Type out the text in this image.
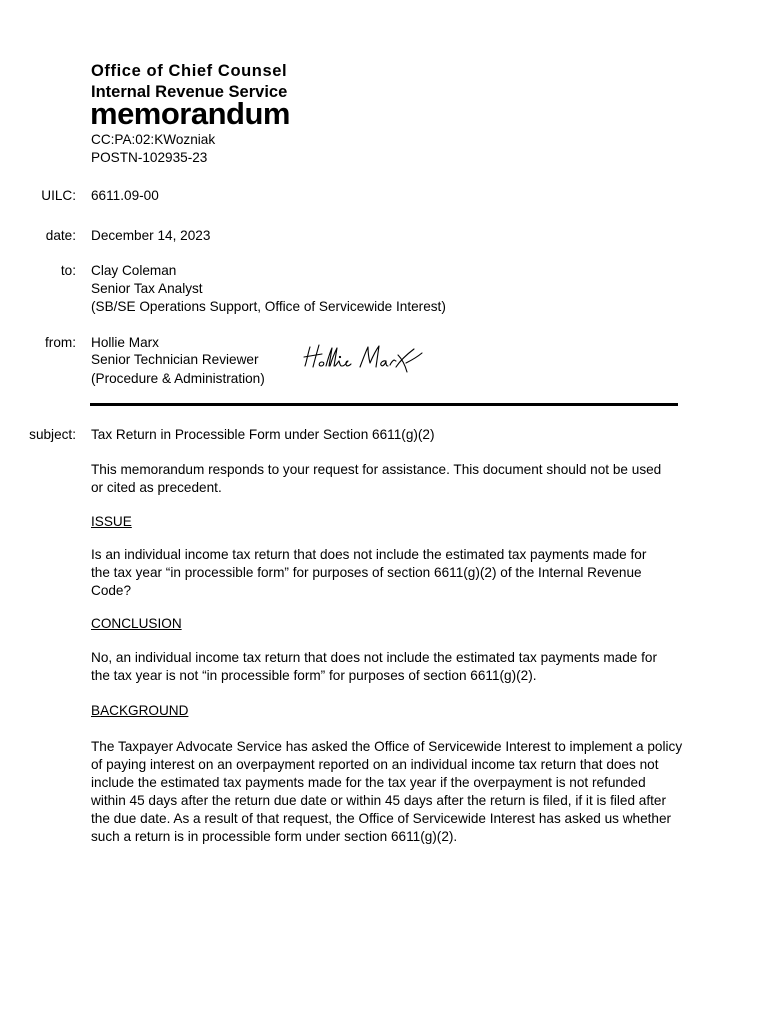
Office of Chief Counsel
Internal Revenue Service
memorandum
CC:PA:02:KWozniak
POSTN-102935-23
UILC: 6611.09-00
date: December 14, 2023
to: Clay Coleman
Senior Tax Analyst
(SB/SE Operations Support, Office of Servicewide Interest)
from: Hollie Marx
Senior Technician Reviewer
(Procedure & Administration)
subject: Tax Return in Processible Form under Section 6611(g)(2)
This memorandum responds to your request for assistance. This document should not be used or cited as precedent.
ISSUE
Is an individual income tax return that does not include the estimated tax payments made for the tax year “in processible form” for purposes of section 6611(g)(2) of the Internal Revenue Code?
CONCLUSION
No, an individual income tax return that does not include the estimated tax payments made for the tax year is not “in processible form” for purposes of section 6611(g)(2).
BACKGROUND
The Taxpayer Advocate Service has asked the Office of Servicewide Interest to implement a policy of paying interest on an overpayment reported on an individual income tax return that does not include the estimated tax payments made for the tax year if the overpayment is not refunded within 45 days after the return due date or within 45 days after the return is filed, if it is filed after the due date. As a result of that request, the Office of Servicewide Interest has asked us whether such a return is in processible form under section 6611(g)(2).
